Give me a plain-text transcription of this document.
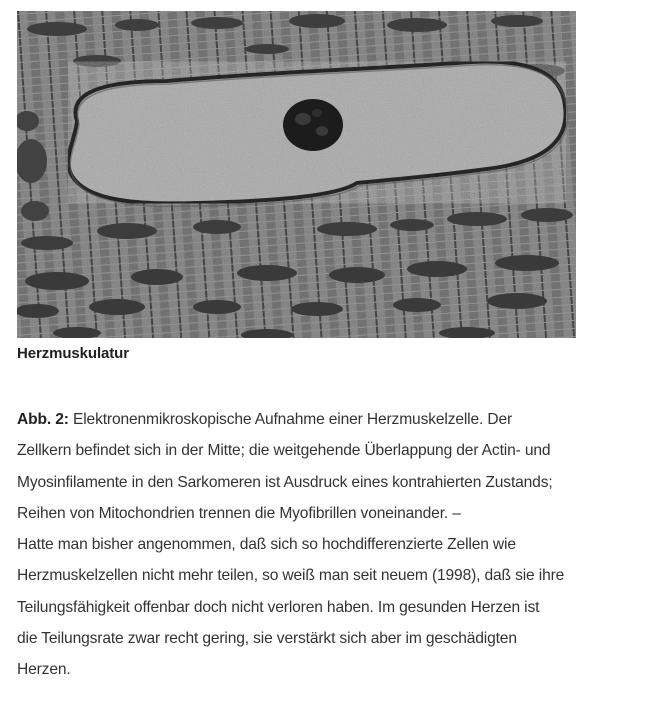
Herzmuskulatur
Abb. 2: Elektronenmikroskopische Aufnahme einer Herzmuskelzelle. Der
Zellkern befindet sich in der Mitte; die weitgehende Überlappung der Actin- und
Myosinfilamente in den Sarkomeren ist Ausdruck eines kontrahierten Zustands;
Reihen von Mitochondrien trennen die Myofibrillen voneinander. –
Hatte man bisher angenommen, daß sich so hochdifferenzierte Zellen wie
Herzmuskelzellen nicht mehr teilen, so weiß man seit neuem (1998), daß sie ihre
Teilungsfähigkeit offenbar doch nicht verloren haben. Im gesunden Herzen ist
die Teilungsrate zwar recht gering, sie verstärkt sich aber im geschädigten
Herzen.
